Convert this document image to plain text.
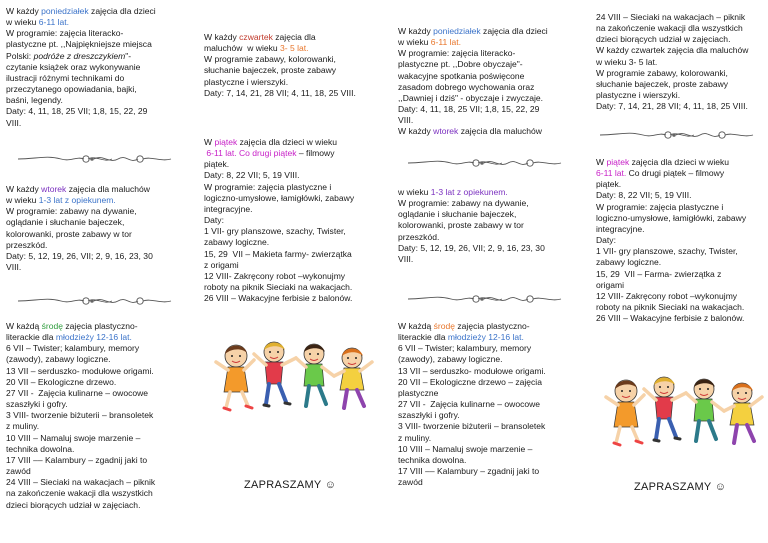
W każdy poniedziałek zajęcia dla dzieci
w wieku 6-11 lat.
W programie: zajęcia literacko-
plastyczne pt. ,,Najpiękniejsze miejsca
Polski: podróże z dreszczykiem"-
czytanie książek oraz wykonywanie
ilustracji różnymi technikami do
przeczytanego opowiadania, bajki,
baśni, legendy.
Daty: 4, 11, 18, 25 VII; 1,8, 15, 22, 29
VIII.

W każdy wtorek zajęcia dla maluchów
w wieku 1-3 lat z opiekunem.
W programie: zabawy na dywanie,
oglądanie i słuchanie bajeczek,
kolorowanki, proste zabawy w tor
przeszkód.
Daty: 5, 12, 19, 26, VII; 2, 9, 16, 23, 30
VIII.

W każdą środę zajęcia plastyczno-
literackie dla młodzieży 12-16 lat.
6 VII – Twister; kalambury, memory
(zawody), zabawy logiczne.
13 VII – serduszko- modułowe origami.
20 VII – Ekologiczne drzewo.
27 VII -  Zajęcia kulinarne – owocowe
szaszłyki i gofry.
3 VIII- tworzenie biżuterii – bransoletek
z muliny.
10 VIII – Namaluj swoje marzenie –
technika dowolna.
17 VIII –– Kalambury – zgadnij jaki to
zawód
24 VIII – Sieciaki na wakacjach – piknik
na zakończenie wakacji dla wszystkich
dzieci biorących udział w zajęciach.

W każdy czwartek zajęcia dla
maluchów  w wieku 3- 5 lat.
W programie zabawy, kolorowanki,
słuchanie bajeczek, proste zabawy
plastyczne i wierszyki.
Daty: 7, 14, 21, 28 VII; 4, 11, 18, 25 VIII.

W piątek zajęcia dla dzieci w wieku
6-11 lat. Co drugi piątek – filmowy
piątek.
Daty: 8, 22 VII; 5, 19 VIII.
W programie: zajęcia plastyczne i
logiczno-umysłowe, łamigłówki, zabawy
integracyjne.
Daty:
1 VII- gry planszowe, szachy, Twister,
zabawy logiczne.
15, 29  VII – Makieta farmy- zwierzątka
z origami
12 VIII- Zakręcony robot –wykonujmy
roboty na piknik Sieciaki na wakacjach.
26 VIII – Wakacyjne ferbisie z balonów.

ZAPRASZAMY ☺

W każdy poniedziałek zajęcia dla dzieci
w wieku 6-11 lat.
W programie: zajęcia literacko-
plastyczne pt. ,,Dobre obyczaje"-
wakacyjne spotkania poświęcone
zasadom dobrego wychowania oraz
,,Dawniej i dziś" - obyczaje i zwyczaje.
Daty: 4, 11, 18, 25 VII; 1,8, 15, 22, 29
VIII.
W każdy wtorek zajęcia dla maluchów

w wieku 1-3 lat z opiekunem.
W programie: zabawy na dywanie,
oglądanie i słuchanie bajeczek,
kolorowanki, proste zabawy w tor
przeszkód.
Daty: 5, 12, 19, 26, VII; 2, 9, 16, 23, 30
VIII.

W każdą środę zajęcia plastyczno-
literackie dla młodzieży 12-16 lat.
6 VII – Twister; kalambury, memory
(zawody), zabawy logiczne.
13 VII – serduszko- modułowe origami.
20 VII – Ekologiczne drzewo – zajęcia
plastyczne
27 VII -  Zajęcia kulinarne – owocowe
szaszłyki i gofry.
3 VIII- tworzenie biżuterii – bransoletek
z muliny.
10 VIII – Namaluj swoje marzenie –
technika dowolna.
17 VIII –– Kalambury – zgadnij jaki to
zawód

24 VIII – Sieciaki na wakacjach – piknik
na zakończenie wakacji dla wszystkich
dzieci biorących udział w zajęciach.
W każdy czwartek zajęcia dla maluchów
w wieku 3- 5 lat.
W programie zabawy, kolorowanki,
słuchanie bajeczek, proste zabawy
plastyczne i wierszyki.
Daty: 7, 14, 21, 28 VII; 4, 11, 18, 25 VIII.

W piątek zajęcia dla dzieci w wieku
6-11 lat. Co drugi piątek – filmowy
piątek.
Daty: 8, 22 VII; 5, 19 VIII.
W programie: zajęcia plastyczne i
logiczno-umysłowe, łamigłówki, zabawy
integracyjne.
Daty:
1 VII- gry planszowe, szachy, Twister,
zabawy logiczne.
15, 29  VII – Farma- zwierzątka z
origami
12 VIII- Zakręcony robot –wykonujmy
roboty na piknik Sieciaki na wakacjach.
26 VIII – Wakacyjne ferbisie z balonów.

ZAPRASZAMY ☺
